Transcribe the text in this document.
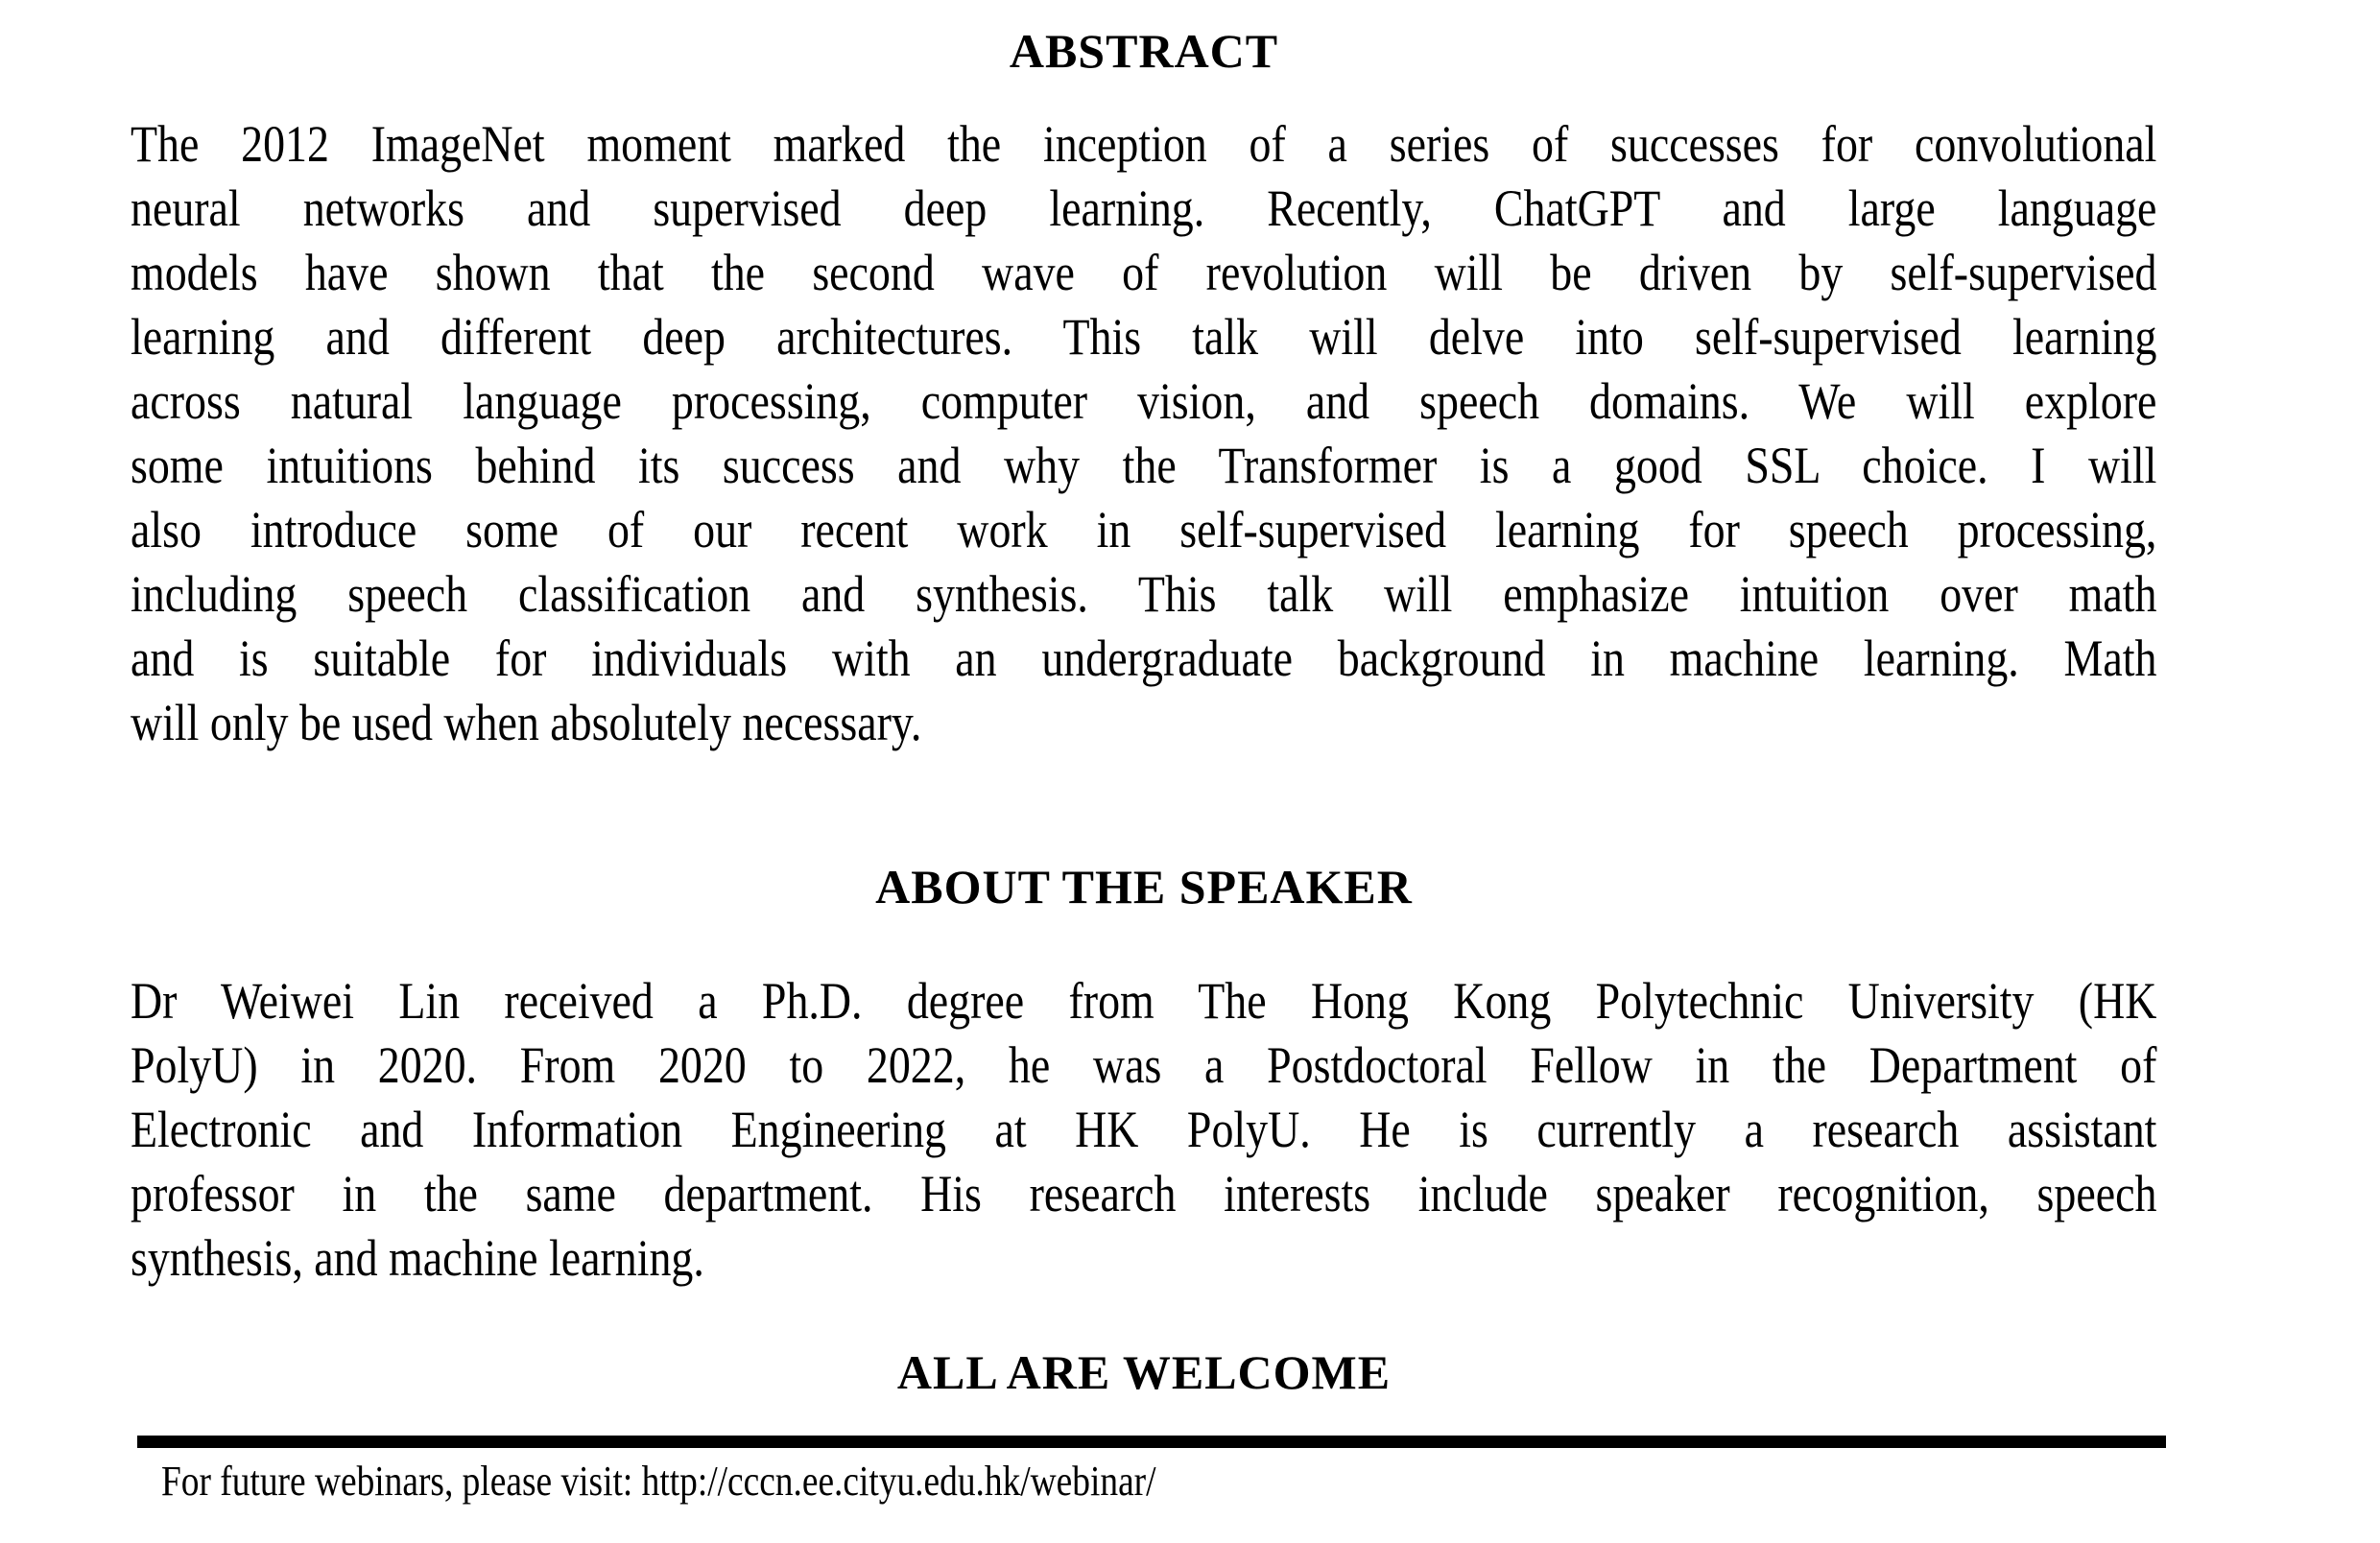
ABSTRACT
The 2012 ImageNet moment marked the inception of a series of successes for convolutional
neural networks and supervised deep learning. Recently, ChatGPT and large language
models have shown that the second wave of revolution will be driven by self-supervised
learning and different deep architectures. This talk will delve into self-supervised learning
across natural language processing, computer vision, and speech domains. We will explore
some intuitions behind its success and why the Transformer is a good SSL choice. I will
also introduce some of our recent work in self-supervised learning for speech processing,
including speech classification and synthesis. This talk will emphasize intuition over math
and is suitable for individuals with an undergraduate background in machine learning. Math
will only be used when absolutely necessary.
ABOUT THE SPEAKER
Dr Weiwei Lin received a Ph.D. degree from The Hong Kong Polytechnic University (HK
PolyU) in 2020. From 2020 to 2022, he was a Postdoctoral Fellow in the Department of
Electronic and Information Engineering at HK PolyU. He is currently a research assistant
professor in the same department. His research interests include speaker recognition, speech
synthesis, and machine learning.
ALL ARE WELCOME
For future webinars, please visit: http://cccn.ee.cityu.edu.hk/webinar/
